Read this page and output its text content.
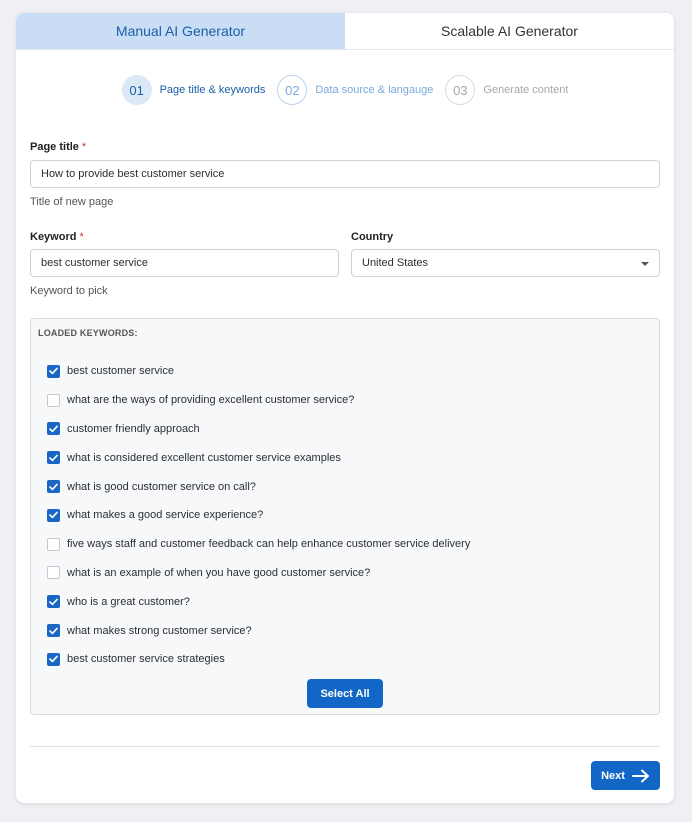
Manual AI Generator	Scalable AI Generator
01	Page title & keywords	02	Data source & langauge	03	Generate content
Page title *
How to provide best customer service
Title of new page
Keyword *
best customer service
Keyword to pick
Country
United States
LOADED KEYWORDS:
best customer service
what are the ways of providing excellent customer service?
customer friendly approach
what is considered excellent customer service examples
what is good customer service on call?
what makes a good service experience?
five ways staff and customer feedback can help enhance customer service delivery
what is an example of when you have good customer service?
who is a great customer?
what makes strong customer service?
best customer service strategies
Select All
Next
